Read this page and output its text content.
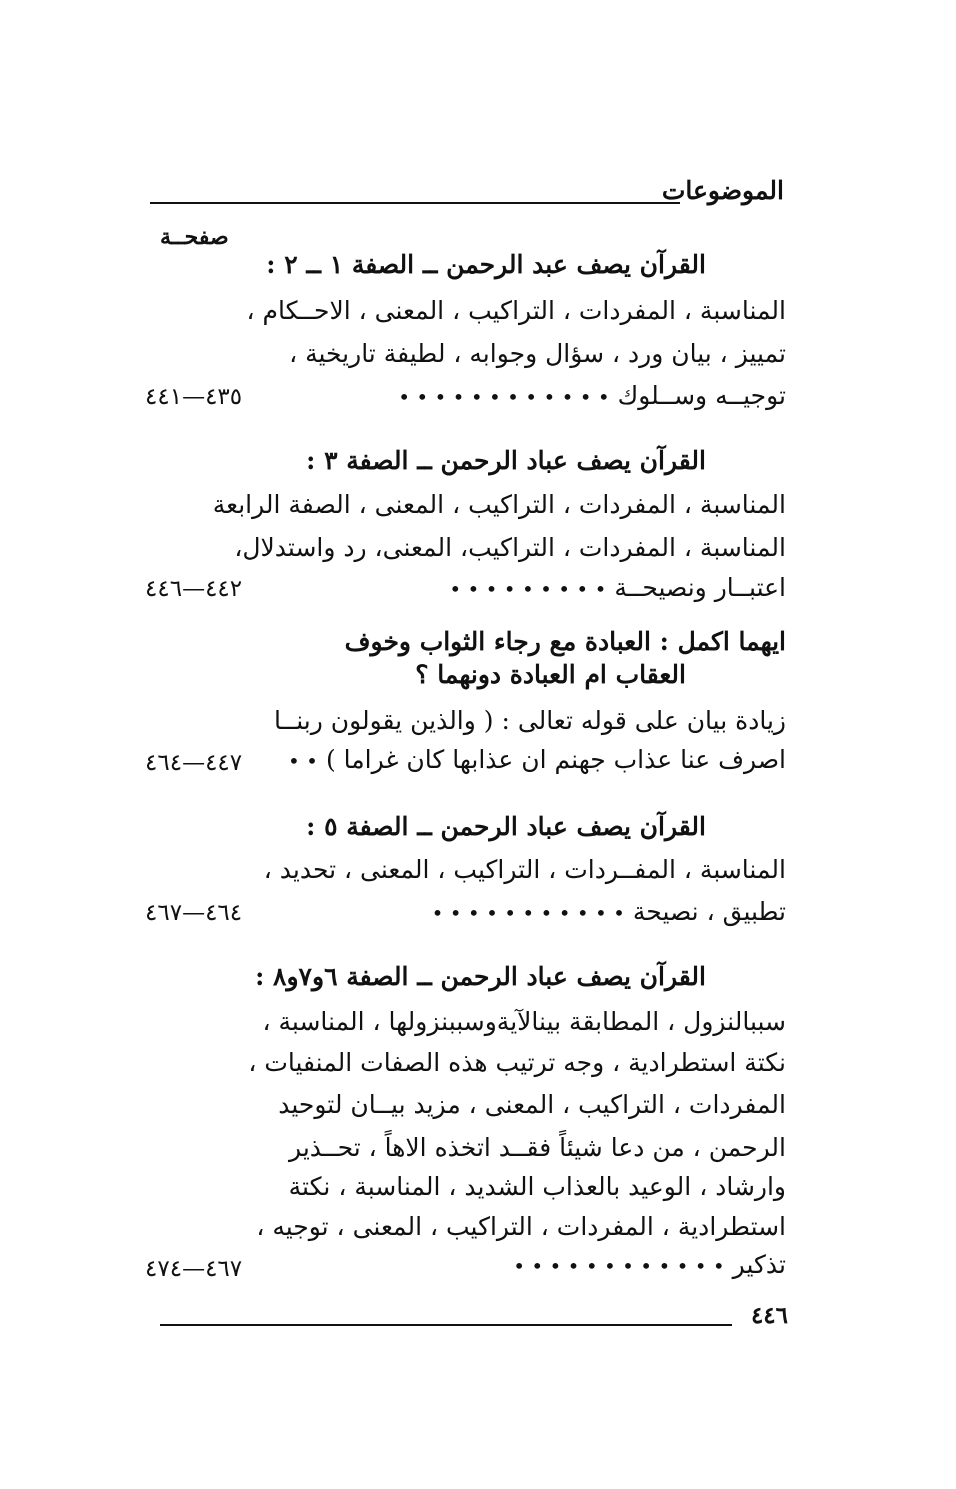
الموضوعات
صفحــة
القرآن يصف عبد الرحمن ــ الصفة ١ ــ ٢ :
المناسبة ، المفردات ، التراكيب ، المعنى ، الاحــكام ،
تمييز ، بيان ورد ، سؤال وجوابه ، لطيفة تاريخية ،
توجيــه وســلوك • • • • • • • • • • • •
٤٣٥—٤٤١
القرآن يصف عباد الرحمن ــ الصفة ٣ :
المناسبة ، المفردات ، التراكيب ، المعنى ، الصفة الرابعة
المناسبة ، المفردات ، التراكيب، المعنى، رد واستدلال،
اعتبــار ونصيحــة • • • • • • • • •
٤٤٢—٤٤٦
ايهما اكمل : العبادة مع رجاء الثواب وخوف
العقاب ام العبادة دونهما ؟
زيادة بيان على قوله تعالى : ( والذين يقولون ربنــا
اصرف عنا عذاب جهنم ان عذابها كان غراما ) • •
٤٤٧—٤٦٤
القرآن يصف عباد الرحمن ــ الصفة ٥ :
المناسبة ، المفــردات ، التراكيب ، المعنى ، تحديد ،
تطبيق ، نصيحة • • • • • • • • • • •
٤٦٤—٤٦٧
القرآن يصف عباد الرحمن ــ الصفة ٦و٧و٨ :
سببالنزول ، المطابقة بينالآيةوسببنزولها ، المناسبة ،
نكتة استطرادية ، وجه ترتيب هذه الصفات المنفيات ،
المفردات ، التراكيب ، المعنى ، مزيد بيــان لتوحيد
الرحمن ، من دعا شيئاً فقــد اتخذه الاهاً ، تحــذير
وارشاد ، الوعيد بالعذاب الشديد ، المناسبة ، نكتة
استطرادية ، المفردات ، التراكيب ، المعنى ، توجيه ،
تذكير • • • • • • • • • • • •
٤٦٧—٤٧٤
٤٤٦
